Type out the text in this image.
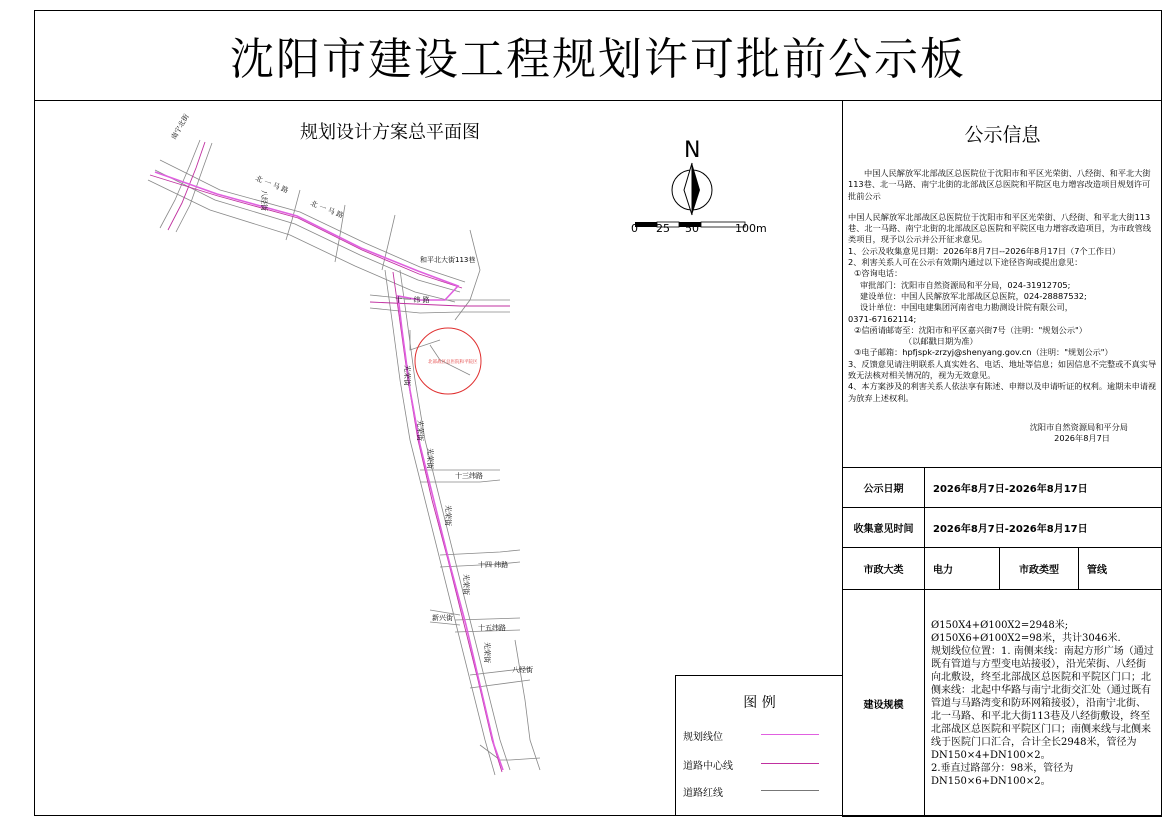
沈阳市建设工程规划许可批前公示板
规划设计方案总平面图
北部战区总医院和平院区
北 一 马 路
北 一 马 路
和平北大街113巷
十 一 纬 路
十三纬路
十四 纬路
十五纬路
新兴街
八经街
八经街
南宁北街
光荣街
光荣街
光荣街
光荣街
光荣街
光荣街
N
0 25 50	100m
图 例
规划线位
道路中心线
道路红线
公示信息

中国人民解放军北部战区总医院位于沈阳市和平区光荣街、八经街、和平北大街113巷、北一马路、南宁北街的北部战区总医院和平院区电力增容改造项目规划许可批前公示

中国人民解放军北部战区总医院位于沈阳市和平区光荣街、八经街、和平北大街113巷、北一马路、南宁北街的北部战区总医院和平院区电力增容改造项目，为市政管线类项目，现予以公示并公开征求意见。

1、公示及收集意见日期：2026年8月7日--2026年8月17日（7个工作日）

2、利害关系人可在公示有效期内通过以下途径咨询或提出意见：

①咨询电话：

审批部门：沈阳市自然资源局和平分局，024-31912705;

建设单位：中国人民解放军北部战区总医院，024-28887532;

设计单位：中国电建集团河南省电力勘测设计院有限公司，

0371-67162114;

②信函请邮寄至：沈阳市和平区嘉兴街7号（注明："规划公示"）

（以邮戳日期为准）

③电子邮箱：hpfjspk-zrzyj@shenyang.gov.cn（注明："规划公示"）

3、反馈意见请注明联系人真实姓名、电话、地址等信息；如因信息不完整或不真实导致无法核对相关情况的，视为无效意见。

4、本方案涉及的利害关系人依法享有陈述、申辩以及申请听证的权利。逾期未申请视为放弃上述权利。

沈阳市自然资源局和平分局
2026年8月7日
公示日期	2026年8月7日-2026年8月17日		
收集意见时间	2026年8月7日-2026年8月17日		
市政大类	电力	市政类型	管线
建设规模	Ø150X4+Ø100X2=2948米;
Ø150X6+Ø100X2=98米，共计3046米.
规划线位位置：1. 南侧来线：南起方形广场（通过既有管道与方型变电站接驳），沿光荣街、八经街向北敷设，终至北部战区总医院和平院区门口；北侧来线：北起中华路与南宁北街交汇处（通过既有管道与马路湾变和防环网箱接驳），沿南宁北街、北一马路、和平北大街113巷及八经街敷设，终至北部战区总医院和平院区门口；南侧来线与北侧来线于医院门口汇合，合计全长2948米，管径为DN150×4+DN100×2。
2.垂直过路部分：98米，管径为DN150×6+DN100×2。		
